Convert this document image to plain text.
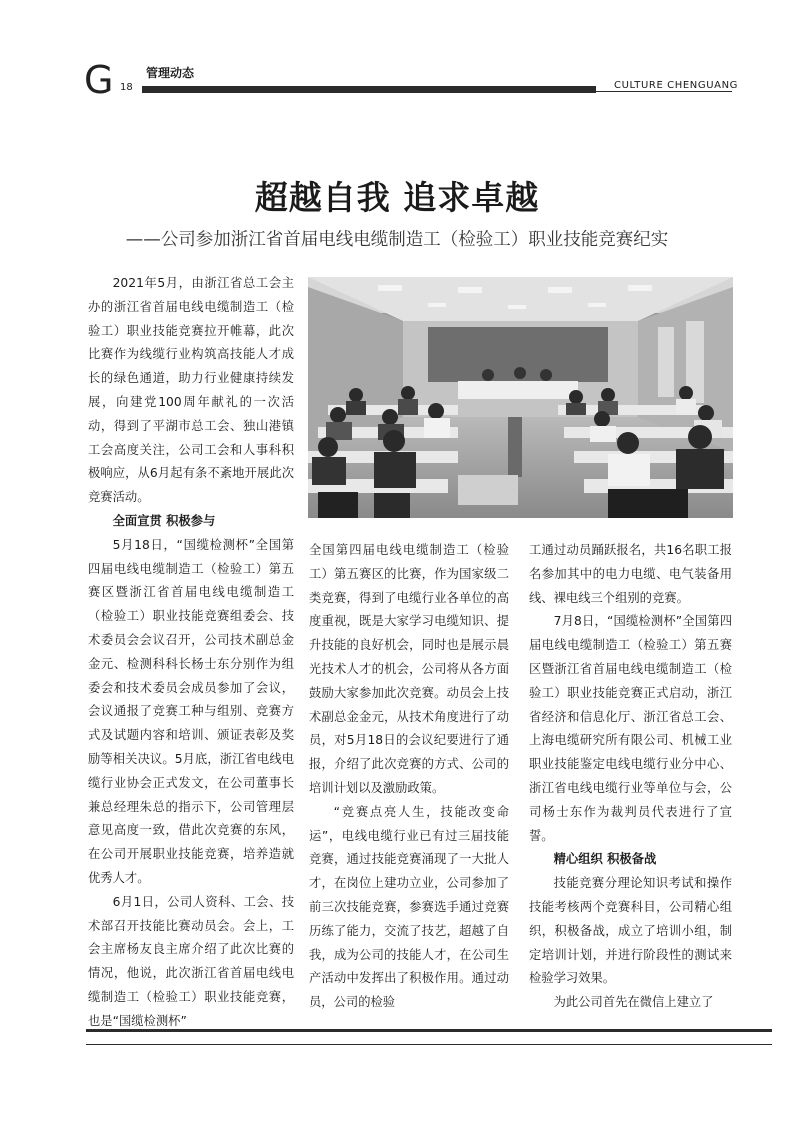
G 18
管理动态
CULTURE CHENGUANG
超越自我 追求卓越
——公司参加浙江省首届电线电缆制造工（检验工）职业技能竞赛纪实

2021年5月，由浙江省总工会主办的浙江省首届电线电缆制造工（检验工）职业技能竞赛拉开帷幕，此次比赛作为线缆行业构筑高技能人才成长的绿色通道，助力行业健康持续发展，向建党100周年献礼的一次活动，得到了平湖市总工会、独山港镇工会高度关注，公司工会和人事科积极响应，从6月起有条不紊地开展此次竞赛活动。

全面宣贯 积极参与

5月18日，“国缆检测杯”全国第四届电线电缆制造工（检验工）第五赛区暨浙江省首届电线电缆制造工（检验工）职业技能竞赛组委会、技术委员会会议召开，公司技术副总金金元、检测科科长杨士东分别作为组委会和技术委员会成员参加了会议，会议通报了竞赛工种与组别、竞赛方式及试题内容和培训、颁证表彰及奖励等相关决议。5月底，浙江省电线电缆行业协会正式发文，在公司董事长兼总经理朱总的指示下，公司管理层意见高度一致，借此次竞赛的东风，在公司开展职业技能竞赛，培养造就优秀人才。

6月1日，公司人资科、工会、技术部召开技能比赛动员会。会上，工会主席杨友良主席介绍了此次比赛的情况，他说，此次浙江省首届电线电缆制造工（检验工）职业技能竞赛，也是“国缆检测杯”

全国第四届电线电缆制造工（检验工）第五赛区的比赛，作为国家级二类竞赛，得到了电缆行业各单位的高度重视，既是大家学习电缆知识、提升技能的良好机会，同时也是展示晨光技术人才的机会，公司将从各方面鼓励大家参加此次竞赛。动员会上技术副总金金元，从技术角度进行了动员，对5月18日的会议纪要进行了通报，介绍了此次竞赛的方式、公司的培训计划以及激励政策。

“竞赛点亮人生，技能改变命运”，电线电缆行业已有过三届技能竞赛，通过技能竞赛涌现了一大批人才，在岗位上建功立业，公司参加了前三次技能竞赛，参赛选手通过竞赛历练了能力，交流了技艺，超越了自我，成为公司的技能人才，在公司生产活动中发挥出了积极作用。通过动员，公司的检验

工通过动员踊跃报名，共16名职工报名参加其中的电力电缆、电气装备用线、裸电线三个组别的竞赛。

7月8日，“国缆检测杯”全国第四届电线电缆制造工（检验工）第五赛区暨浙江省首届电线电缆制造工（检验工）职业技能竞赛正式启动，浙江省经济和信息化厅、浙江省总工会、上海电缆研究所有限公司、机械工业职业技能鉴定电线电缆行业分中心、浙江省电线电缆行业等单位与会，公司杨士东作为裁判员代表进行了宣誓。

精心组织 积极备战

技能竞赛分理论知识考试和操作技能考核两个竞赛科目，公司精心组织，积极备战，成立了培训小组，制定培训计划，并进行阶段性的测试来检验学习效果。

为此公司首先在微信上建立了
